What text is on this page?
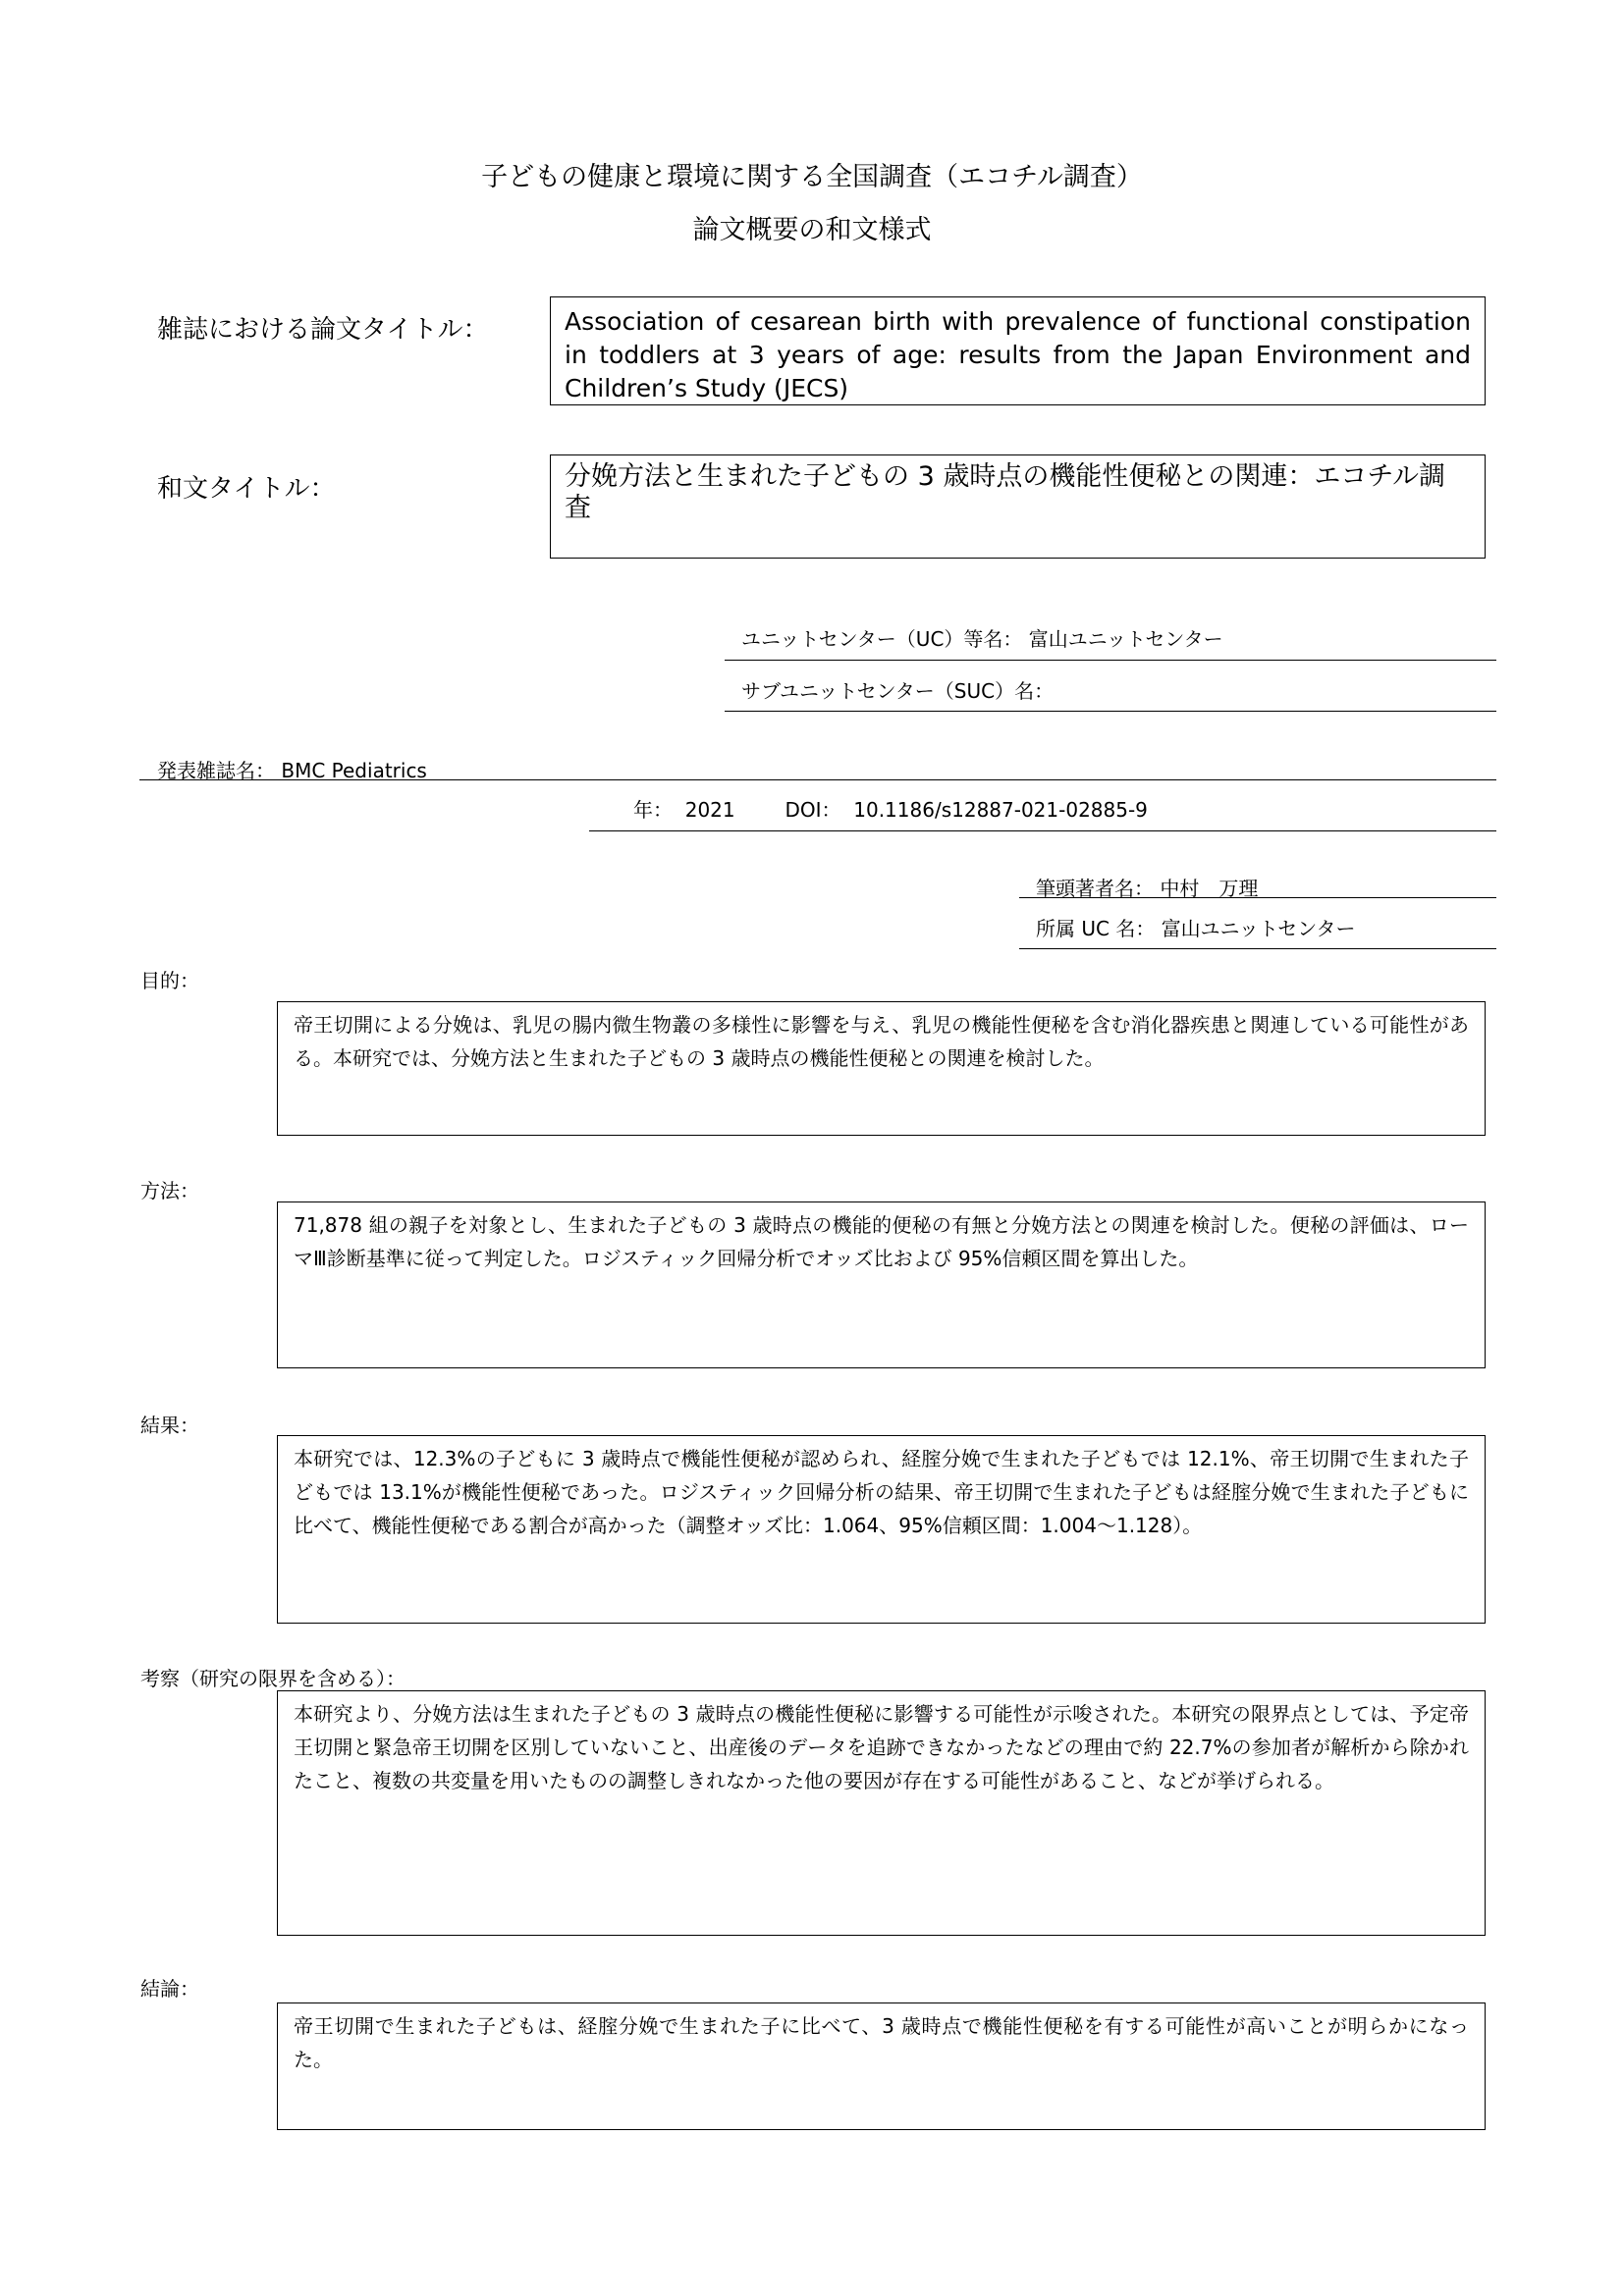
子どもの健康と環境に関する全国調査（エコチル調査）
論文概要の和文様式
雑誌における論文タイトル：	Association of cesarean birth with prevalence of functional constipation in toddlers at 3 years of age: results from the Japan Environment and Children’s Study (JECS)
和文タイトル：	分娩方法と生まれた子どもの 3 歳時点の機能性便秘との関連：エコチル調査
ユニットセンター（UC）等名： 富山ユニットセンター
サブユニットセンター（SUC）名：
発表雑誌名： BMC Pediatrics
年： 2021	DOI： 10.1186/s12887-021-02885-9
筆頭著者名： 中村　万理
所属 UC 名： 富山ユニットセンター
目的：
帝王切開による分娩は、乳児の腸内微生物叢の多様性に影響を与え、乳児の機能性便秘を含む消化器疾患と関連している可能性がある。本研究では、分娩方法と生まれた子どもの 3 歳時点の機能性便秘との関連を検討した。
方法：
71,878 組の親子を対象とし、生まれた子どもの 3 歳時点の機能的便秘の有無と分娩方法との関連を検討した。便秘の評価は、ローマⅢ診断基準に従って判定した。ロジスティック回帰分析でオッズ比および 95%信頼区間を算出した。
結果：
本研究では、12.3%の子どもに 3 歳時点で機能性便秘が認められ、経腟分娩で生まれた子どもでは 12.1%、帝王切開で生まれた子どもでは 13.1%が機能性便秘であった。ロジスティック回帰分析の結果、帝王切開で生まれた子どもは経腟分娩で生まれた子どもに比べて、機能性便秘である割合が高かった（調整オッズ比：1.064、95%信頼区間：1.004～1.128）。
考察（研究の限界を含める）：
本研究より、分娩方法は生まれた子どもの 3 歳時点の機能性便秘に影響する可能性が示唆された。本研究の限界点としては、予定帝王切開と緊急帝王切開を区別していないこと、出産後のデータを追跡できなかったなどの理由で約 22.7%の参加者が解析から除かれたこと、複数の共変量を用いたものの調整しきれなかった他の要因が存在する可能性があること、などが挙げられる。
結論：
帝王切開で生まれた子どもは、経腟分娩で生まれた子に比べて、3 歳時点で機能性便秘を有する可能性が高いことが明らかになった。
